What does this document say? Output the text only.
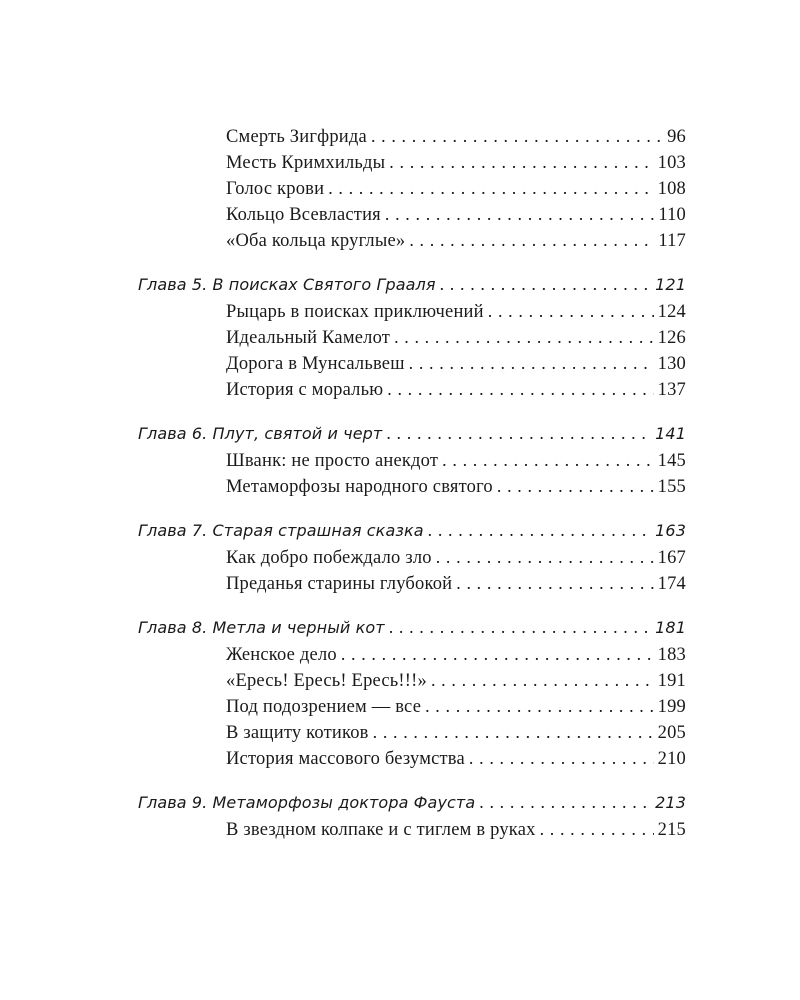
Смерть Зигфрида . . .	96
Месть Кримхильды . . .	103
Голос крови . . .	108
Кольцо Всевластия . . .	110
«Оба кольца круглые» . . .	117
Глава 5. В поисках Святого Грааля . . .	121
Рыцарь в поисках приключений . . .	124
Идеальный Камелот . . .	126
Дорога в Мунсальвеш . . .	130
История с моралью . . .	137
Глава 6. Плут, святой и черт . . .	141
Шванк: не просто анекдот . . .	145
Метаморфозы народного святого . . .	155
Глава 7. Старая страшная сказка . . .	163
Как добро побеждало зло . . .	167
Преданья старины глубокой . . .	174
Глава 8. Метла и черный кот . . .	181
Женское дело . . .	183
«Ересь! Ересь! Ересь!!!» . . .	191
Под подозрением — все . . .	199
В защиту котиков . . .	205
История массового безумства . . .	210
Глава 9. Метаморфозы доктора Фауста . . .	213
В звездном колпаке и с тиглем в руках . . .	215
